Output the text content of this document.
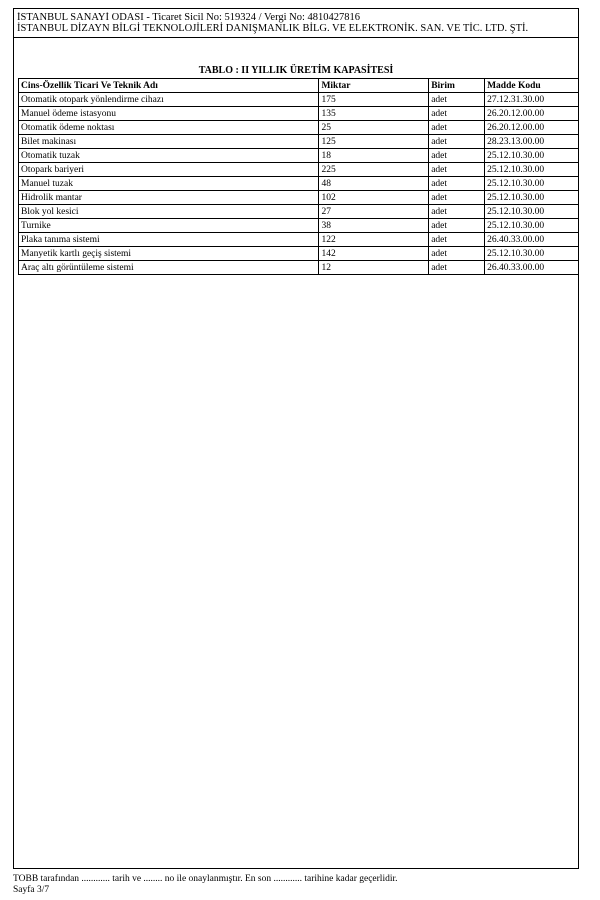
İSTANBUL SANAYİ ODASI - Ticaret Sicil No: 519324 / Vergi No: 4810427816
İSTANBUL DİZAYN BİLGİ TEKNOLOJİLERİ DANIŞMANLIK BİLG. VE ELEKTRONİK. SAN. VE TİC. LTD. ŞTİ.
TABLO : II YILLIK ÜRETİM KAPASİTESİ
Cins-Özellik Ticari Ve Teknik Adı	Miktar	Birim	Madde Kodu
Otomatik otopark yönlendirme cihazı	175	adet	27.12.31.30.00
Manuel ödeme istasyonu	135	adet	26.20.12.00.00
Otomatik ödeme noktası	25	adet	26.20.12.00.00
Bilet makinası	125	adet	28.23.13.00.00
Otomatik tuzak	18	adet	25.12.10.30.00
Otopark bariyeri	225	adet	25.12.10.30.00
Manuel tuzak	48	adet	25.12.10.30.00
Hidrolik mantar	102	adet	25.12.10.30.00
Blok yol kesici	27	adet	25.12.10.30.00
Turnike	38	adet	25.12.10.30.00
Plaka tanıma sistemi	122	adet	26.40.33.00.00
Manyetik kartlı geçiş sistemi	142	adet	25.12.10.30.00
Araç altı görüntüleme sistemi	12	adet	26.40.33.00.00
TOBB tarafından ............ tarih ve ........ no ile onaylanmıştır. En son ............ tarihine kadar geçerlidir.
Sayfa 3/7
